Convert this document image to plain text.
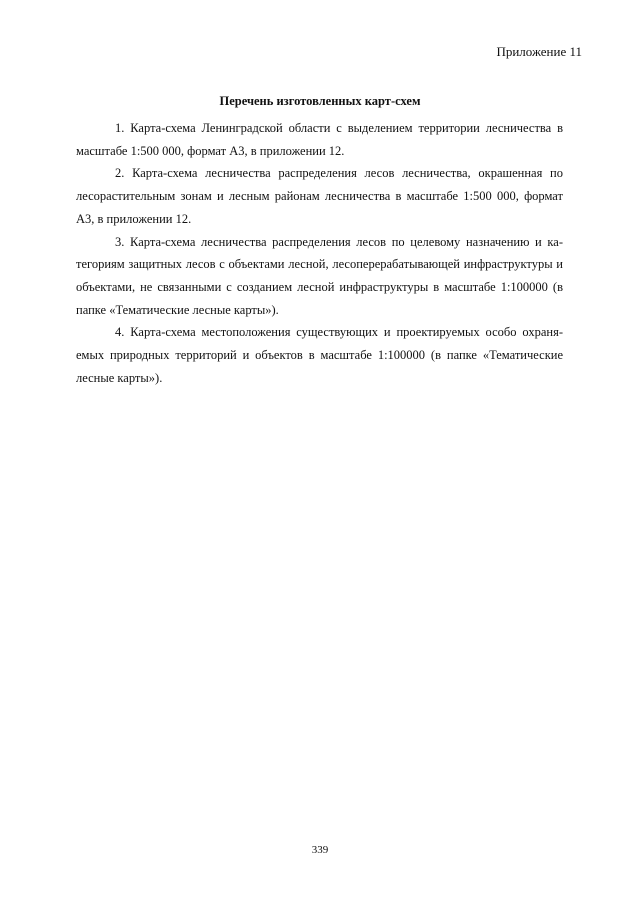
Приложение 11
Перечень изготовленных карт-схем

1. Карта-схема Ленинградской области с выделением территории лесничества в масштабе 1:500 000, формат А3, в приложении 12.

2. Карта-схема лесничества распределения лесов лесничества, окрашенная по лесорастительным зонам и лесным районам лесничества в масштабе 1:500 000, формат А3, в приложении 12.

3. Карта-схема лесничества распределения лесов по целевому назначению и категориям защитных лесов с объектами лесной, лесоперерабатывающей инфраструктуры и объектами, не связанными с созданием лесной инфраструктуры в масштабе 1:100000 (в папке «Тематические лесные карты»).

4. Карта-схема местоположения существующих и проектируемых особо охраняемых природных территорий и объектов в масштабе 1:100000 (в папке «Тематические лесные карты»).

339
